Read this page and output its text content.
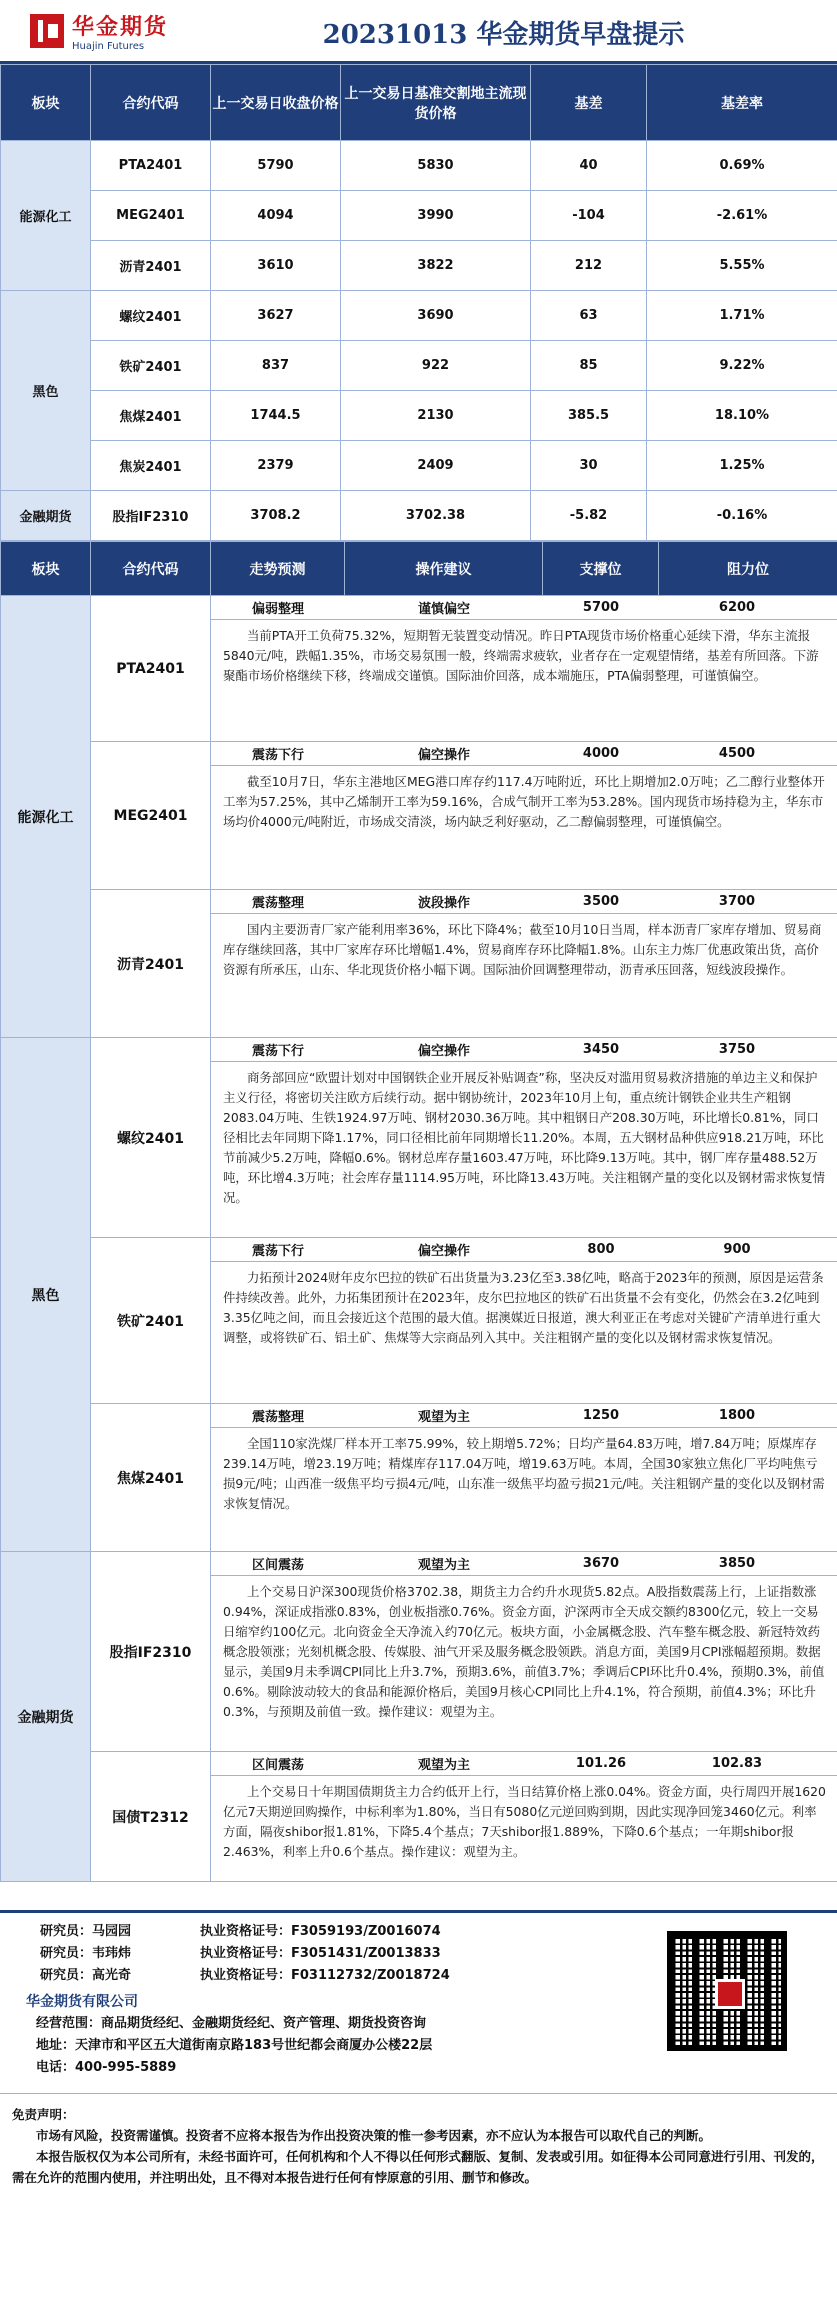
华金期货
Huajin Futures	20231013 华金期货早盘提示
板块	合约代码	上一交易日收盘价格	上一交易日基准交割地主流现货价格	基差	基差率
能源化工	PTA2401	5790	5830	40	0.69%
	MEG2401	4094	3990	-104	-2.61%
	沥青2401	3610	3822	212	5.55%
黑色	螺纹2401	3627	3690	63	1.71%
	铁矿2401	837	922	85	9.22%
	焦煤2401	1744.5	2130	385.5	18.10%
	焦炭2401	2379	2409	30	1.25%
金融期货	股指IF2310	3708.2	3702.38	-5.82	-0.16%
板块	合约代码	走势预测	操作建议	支撑位	阻力位
能源化工	PTA2401	偏弱整理 谨慎偏空 5700 6200
当前PTA开工负荷75.32%，短期暂无装置变动情况。昨日PTA现货市场价格重心延续下滑，华东主流报5840元/吨，跌幅1.35%，市场交易氛围一般，终端需求疲软，业者存在一定观望情绪，基差有所回落。下游聚酯市场价格继续下移，终端成交谨慎。国际油价回落，成本端施压，PTA偏弱整理，可谨慎偏空。			

	MEG2401	震荡下行 偏空操作 4000 4500
截至10月7日，华东主港地区MEG港口库存约117.4万吨附近，环比上期增加2.0万吨；乙二醇行业整体开工率为57.25%，其中乙烯制开工率为59.16%，合成气制开工率为53.28%。国内现货市场持稳为主，华东市场均价4000元/吨附近，市场成交清淡，场内缺乏利好驱动，乙二醇偏弱整理，可谨慎偏空。			

	沥青2401	震荡整理 波段操作 3500 3700
国内主要沥青厂家产能利用率36%，环比下降4%；截至10月10日当周，样本沥青厂家库存增加、贸易商库存继续回落，其中厂家库存环比增幅1.4%，贸易商库存环比降幅1.8%。山东主力炼厂优惠政策出货，高价资源有所承压，山东、华北现货价格小幅下调。国际油价回调整理带动，沥青承压回落，短线波段操作。			

黑色	螺纹2401	震荡下行 偏空操作 3450 3750
商务部回应“欧盟计划对中国钢铁企业开展反补贴调查”称，坚决反对滥用贸易救济措施的单边主义和保护主义行径，将密切关注欧方后续行动。据中钢协统计，2023年10月上旬，重点统计钢铁企业共生产粗钢2083.04万吨、生铁1924.97万吨、钢材2030.36万吨。其中粗钢日产208.30万吨，环比增长0.81%，同口径相比去年同期下降1.17%，同口径相比前年同期增长11.20%。本周，五大钢材品种供应918.21万吨，环比节前减少5.2万吨，降幅0.6%。钢材总库存量1603.47万吨，环比降9.13万吨。其中，钢厂库存量488.52万吨，环比增4.3万吨；社会库存量1114.95万吨，环比降13.43万吨。关注粗钢产量的变化以及钢材需求恢复情况。			

	铁矿2401	震荡下行 偏空操作 800 900
力拓预计2024财年皮尔巴拉的铁矿石出货量为3.23亿至3.38亿吨，略高于2023年的预测，原因是运营条件持续改善。此外，力拓集团预计在2023年，皮尔巴拉地区的铁矿石出货量不会有变化，仍然会在3.2亿吨到3.35亿吨之间，而且会接近这个范围的最大值。据澳媒近日报道，澳大利亚正在考虑对关键矿产清单进行重大调整，或将铁矿石、铝土矿、焦煤等大宗商品列入其中。关注粗钢产量的变化以及钢材需求恢复情况。			

	焦煤2401	震荡整理 观望为主 1250 1800
全国110家洗煤厂样本开工率75.99%，较上期增5.72%；日均产量64.83万吨，增7.84万吨；原煤库存239.14万吨，增23.19万吨；精煤库存117.04万吨，增19.63万吨。本周，全国30家独立焦化厂平均吨焦亏损9元/吨；山西准一级焦平均亏损4元/吨，山东准一级焦平均盈亏损21元/吨。关注粗钢产量的变化以及钢材需求恢复情况。			

金融期货	股指IF2310	区间震荡 观望为主 3670 3850
上个交易日沪深300现货价格3702.38，期货主力合约升水现货5.82点。A股指数震荡上行，上证指数涨0.94%，深证成指涨0.83%，创业板指涨0.76%。资金方面，沪深两市全天成交额约8300亿元，较上一交易日缩窄约100亿元。北向资金全天净流入约70亿元。板块方面，小金属概念股、汽车整车概念股、新冠特效药概念股领涨；光刻机概念股、传媒股、油气开采及服务概念股领跌。消息方面，美国9月CPI涨幅超预期。数据显示，美国9月未季调CPI同比上升3.7%，预期3.6%，前值3.7%；季调后CPI环比升0.4%，预期0.3%，前值0.6%。剔除波动较大的食品和能源价格后，美国9月核心CPI同比上升4.1%，符合预期，前值4.3%；环比升0.3%，与预期及前值一致。操作建议：观望为主。			

	国债T2312	区间震荡 观望为主 101.26 102.83
上个交易日十年期国债期货主力合约低开上行，当日结算价格上涨0.04%。资金方面，央行周四开展1620亿元7天期逆回购操作，中标利率为1.80%，当日有5080亿元逆回购到期，因此实现净回笼3460亿元。利率方面，隔夜shibor报1.81%，下降5.4个基点；7天shibor报1.889%，下降0.6个基点；一年期shibor报2.463%，利率上升0.6个基点。操作建议：观望为主。			
研究员：马园园	执业资格证号：F3059193/Z0016074
研究员：韦玮炜	执业资格证号：F3051431/Z0013833
研究员：高光奇	执业资格证号：F03112732/Z0018724
华金期货有限公司
经营范围：商品期货经纪、金融期货经纪、资产管理、期货投资咨询
地址：天津市和平区五大道街南京路183号世纪都会商厦办公楼22层
电话：400-995-5889
免责声明：

市场有风险，投资需谨慎。投资者不应将本报告为作出投资决策的惟一参考因素，亦不应认为本报告可以取代自己的判断。

本报告版权仅为本公司所有，未经书面许可，任何机构和个人不得以任何形式翻版、复制、发表或引用。如征得本公司同意进行引用、刊发的，需在允许的范围内使用，并注明出处，且不得对本报告进行任何有悖原意的引用、删节和修改。
